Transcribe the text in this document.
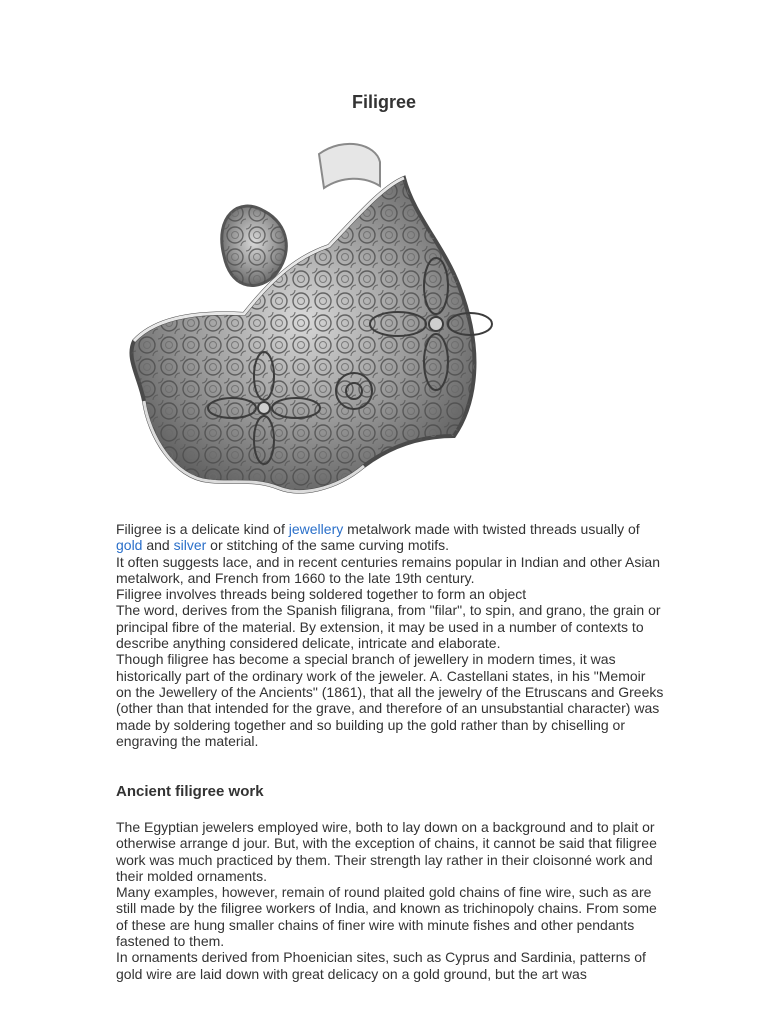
Filigree

Filigree is a delicate kind of jewellery metalwork made with twisted threads usually of gold and silver or stitching of the same curving motifs.

It often suggests lace, and in recent centuries remains popular in Indian and other Asian metalwork, and French from 1660 to the late 19th century.

Filigree involves threads being soldered together to form an object

The word, derives from the Spanish filigrana, from "filar", to spin, and grano, the grain or principal fibre of the material. By extension, it may be used in a number of contexts to describe anything considered delicate, intricate and elaborate.

Though filigree has become a special branch of jewellery in modern times, it was historically part of the ordinary work of the jeweler. A. Castellani states, in his "Memoir on the Jewellery of the Ancients" (1861), that all the jewelry of the Etruscans and Greeks (other than that intended for the grave, and therefore of an unsubstantial character) was made by soldering together and so building up the gold rather than by chiselling or engraving the material.

Ancient filigree work

The Egyptian jewelers employed wire, both to lay down on a background and to plait or otherwise arrange d jour. But, with the exception of chains, it cannot be said that filigree work was much practiced by them. Their strength lay rather in their cloisonné work and their molded ornaments.

Many examples, however, remain of round plaited gold chains of fine wire, such as are still made by the filigree workers of India, and known as trichinopoly chains. From some of these are hung smaller chains of finer wire with minute fishes and other pendants fastened to them.

In ornaments derived from Phoenician sites, such as Cyprus and Sardinia, patterns of gold wire are laid down with great delicacy on a gold ground, but the art was
